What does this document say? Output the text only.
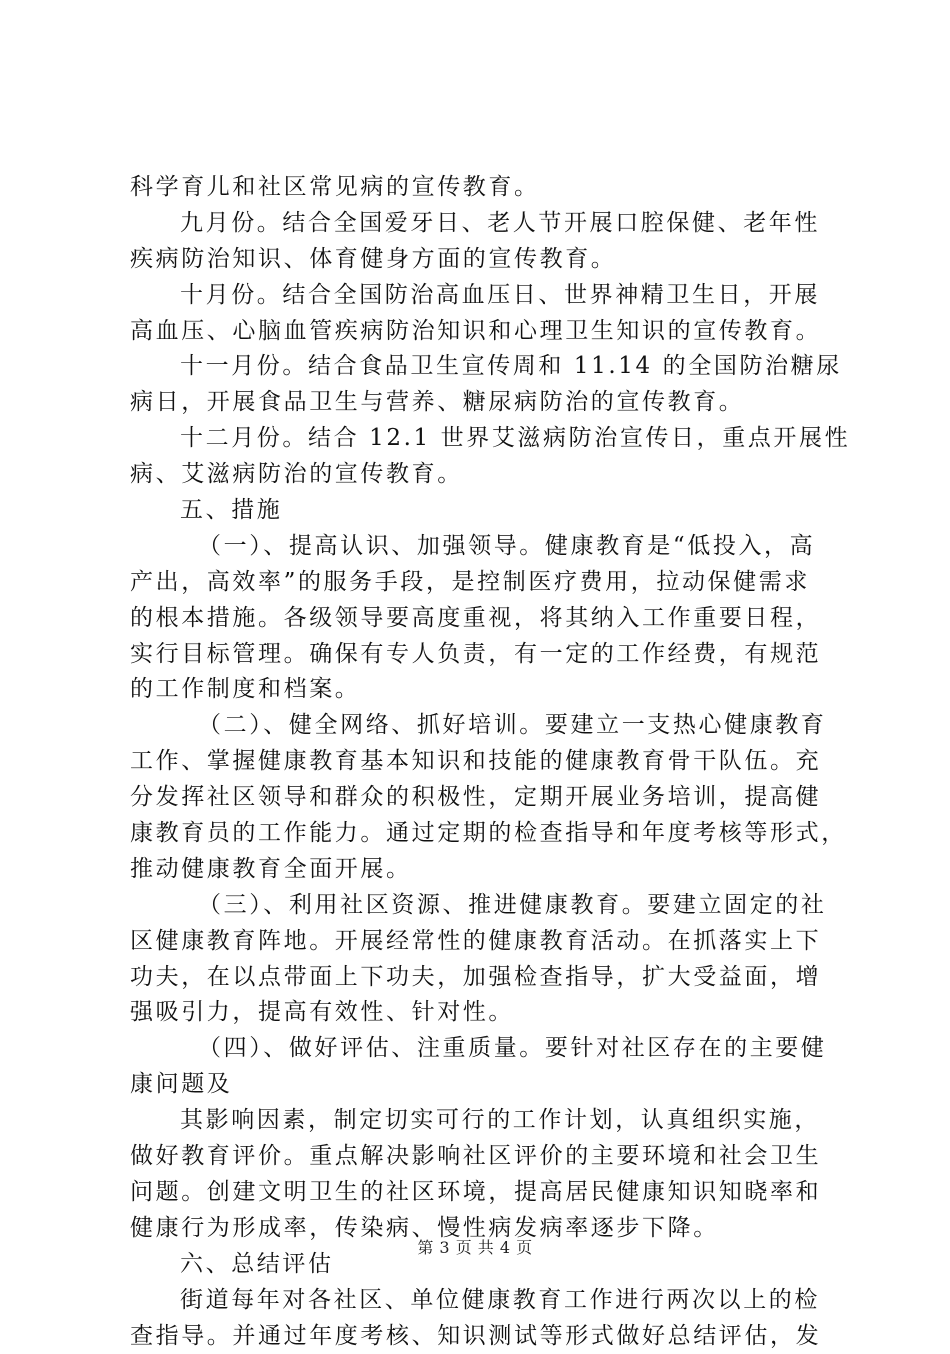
科学育儿和社区常见病的宣传教育。
九月份。结合全国爱牙日、老人节开展口腔保健、老年性
疾病防治知识、体育健身方面的宣传教育。
十月份。结合全国防治高血压日、世界神精卫生日，开展
高血压、心脑血管疾病防治知识和心理卫生知识的宣传教育。
十一月份。结合食品卫生宣传周和 11.14 的全国防治糖尿
病日，开展食品卫生与营养、糖尿病防治的宣传教育。
十二月份。结合 12.1 世界艾滋病防治宣传日，重点开展性
病、艾滋病防治的宣传教育。
五、措施
（一）、提高认识、加强领导。健康教育是“低投入，高
产出，高效率”的服务手段，是控制医疗费用，拉动保健需求
的根本措施。各级领导要高度重视，将其纳入工作重要日程，
实行目标管理。确保有专人负责，有一定的工作经费，有规范
的工作制度和档案。
（二）、健全网络、抓好培训。要建立一支热心健康教育
工作、掌握健康教育基本知识和技能的健康教育骨干队伍。充
分发挥社区领导和群众的积极性，定期开展业务培训，提高健
康教育员的工作能力。通过定期的检查指导和年度考核等形式，
推动健康教育全面开展。
（三）、利用社区资源、推进健康教育。要建立固定的社
区健康教育阵地。开展经常性的健康教育活动。在抓落实上下
功夫，在以点带面上下功夫，加强检查指导，扩大受益面，增
强吸引力，提高有效性、针对性。
（四）、做好评估、注重质量。要针对社区存在的主要健
康问题及
其影响因素，制定切实可行的工作计划，认真组织实施，
做好教育评价。重点解决影响社区评价的主要环境和社会卫生
问题。创建文明卫生的社区环境，提高居民健康知识知晓率和
健康行为形成率，传染病、慢性病发病率逐步下降。
六、总结评估
街道每年对各社区、单位健康教育工作进行两次以上的检
查指导。并通过年度考核、知识测试等形式做好总结评估，发
第 3 页 共 4 页
